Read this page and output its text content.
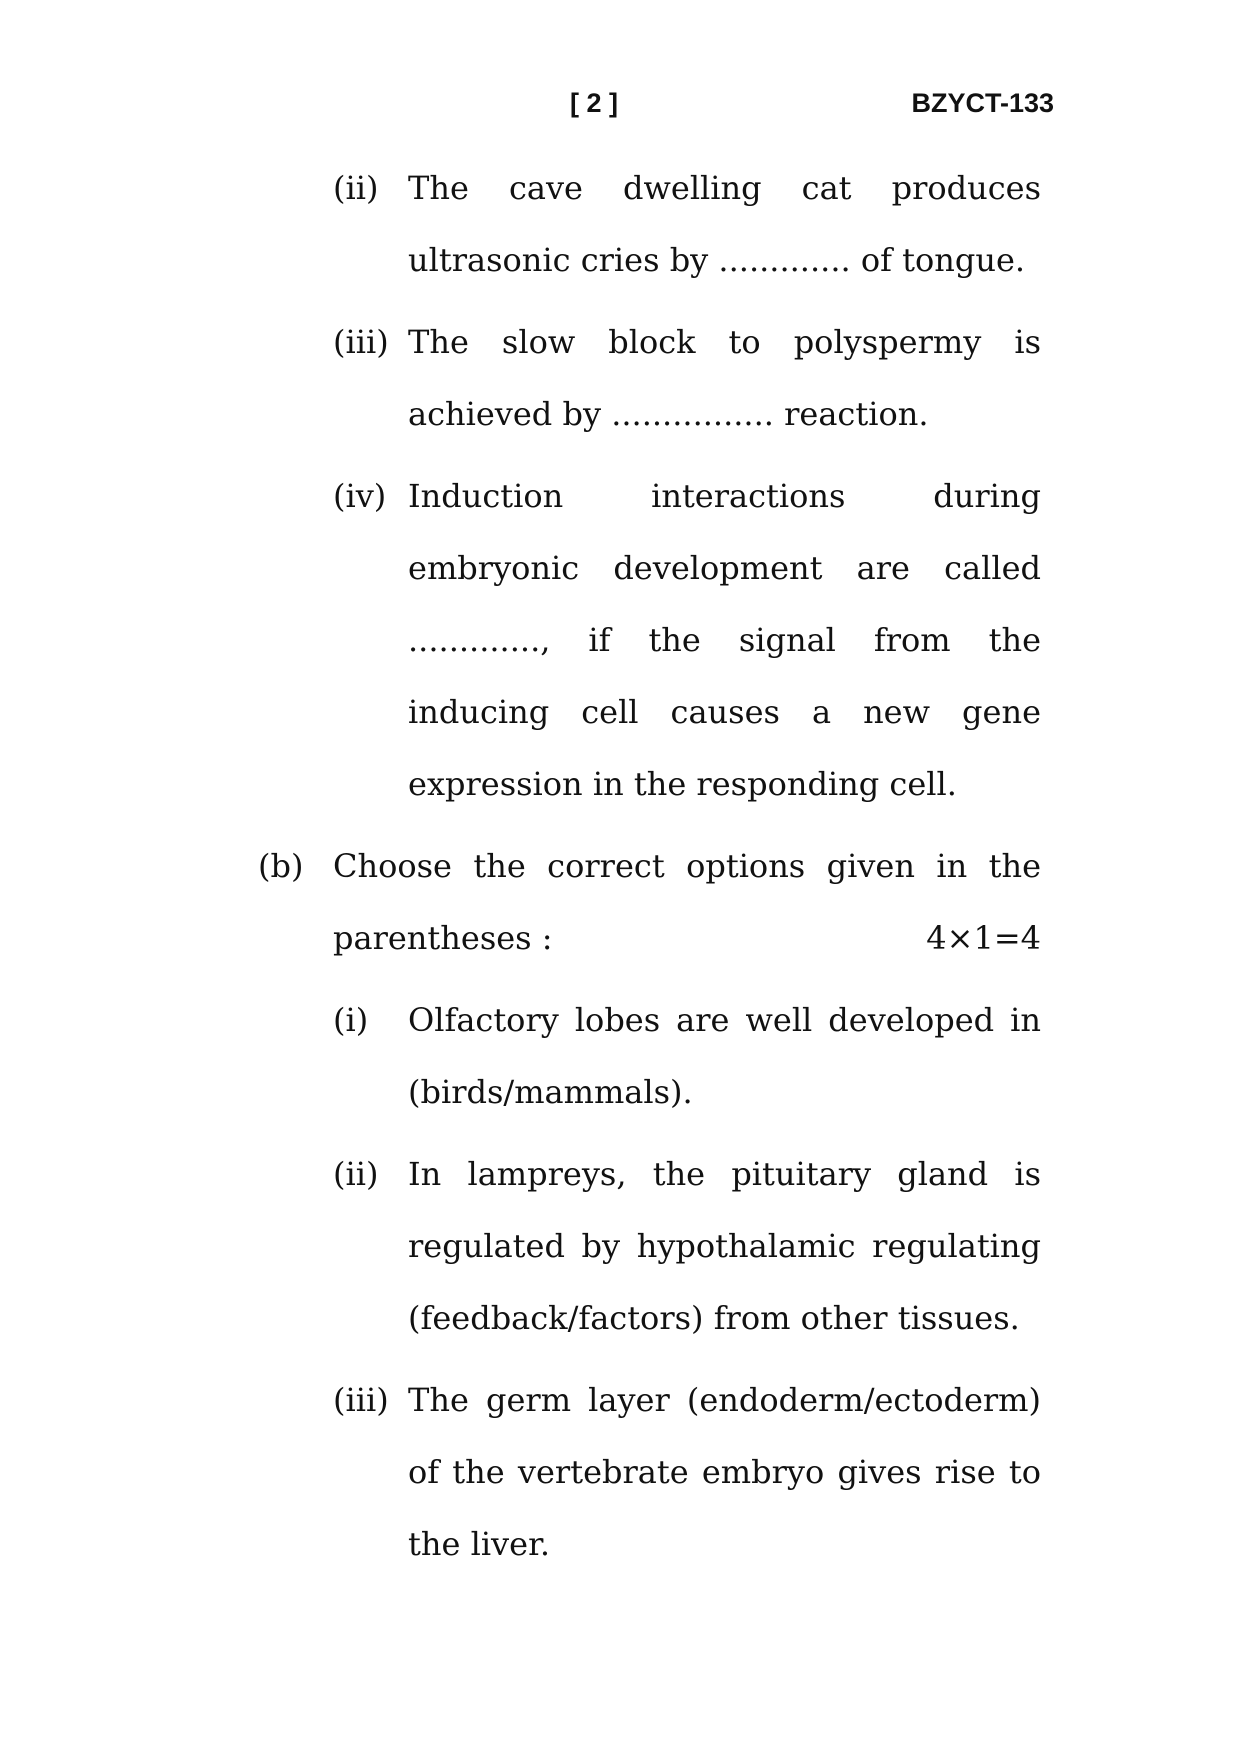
[ 2 ]	BZYCT-133
(ii) The cave dwelling cat produces ultrasonic cries by ............. of tongue.
(iii) The slow block to polyspermy is achieved by ................ reaction.
(iv) Induction interactions during embryonic development are called ............., if the signal from the inducing cell causes a new gene expression in the responding cell.
(b) Choose the correct options given in the
parentheses :	4×1=4
(i) Olfactory lobes are well developed in (birds/mammals).
(ii) In lampreys, the pituitary gland is regulated by hypothalamic regulating (feedback/factors) from other tissues.
(iii) The germ layer (endoderm/ectoderm) of the vertebrate embryo gives rise to the liver.
